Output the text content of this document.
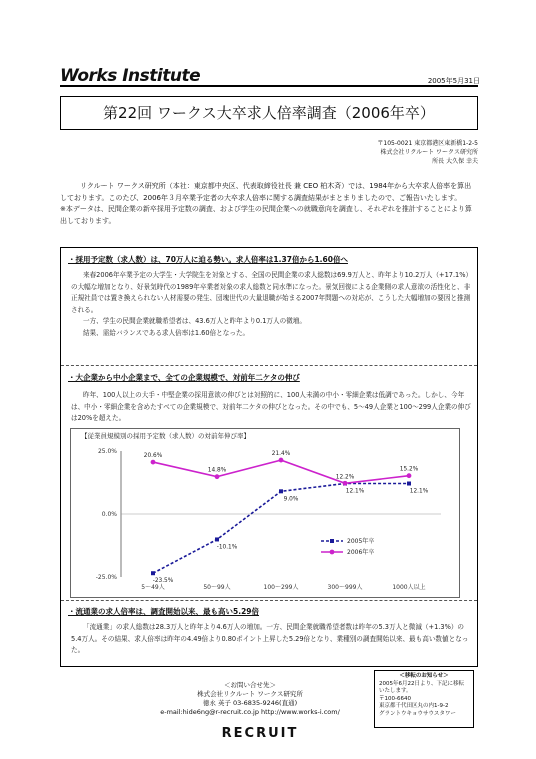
Works Institute	2005年5月31日
第22回 ワークス大卒求人倍率調査（2006年卒）
〒105-0021 東京都港区東新橋1-2-5
株式会社リクルート ワークス研究所
所長 大久保 幸夫

リクルート ワークス研究所（本社：東京都中央区、代表取締役社長 兼 CEO 柏木斉）では、1984年から大卒求人倍率を算出しております。このたび、2006年３月卒業予定者の大卒求人倍率に関する調査結果がまとまりましたので、ご報告いたします。

※本データは、民間企業の新卒採用予定数の調査、および学生の民間企業への就職意向を調査し、それぞれを推計することにより算出しております。

・採用予定数（求人数）は、70万人に迫る勢い。求人倍率は1.37倍から1.60倍へ

来春2006年卒業予定の大学生・大学院生を対象とする、全国の民間企業の求人総数は69.9万人と、昨年より10.2万人（+17.1%）の大幅な増加となり、好景気時代の1989年卒業者対象の求人総数と同水準になった。景気回復による企業側の求人意欲の活性化と、非正規社員では置き換えられない人材需要の発生、団塊世代の大量退職が始まる2007年問題への対応が、こうした大幅増加の要因と推測される。

一方、学生の民間企業就職希望者は、43.6万人と昨年より0.1万人の微増。

結果、需給バランスである求人倍率は1.60倍となった。

・大企業から中小企業まで、全ての企業規模で、対前年二ケタの伸び

昨年、100人以上の大手・中堅企業の採用意欲の伸びとは対照的に、100人未満の中小・零細企業は低調であった。しかし、今年は、中小・零細企業を含めたすべての企業規模で、対前年二ケタの伸びとなった。その中でも、5〜49人企業と100〜299人企業の伸びは20%を超えた。

【従業員規模別の採用予定数（求人数）の対前年伸び率】
25.0%
0.0%
-25.0%
5〜49人	50〜99人	100〜299人	300〜999人	1000人以上
-23.5%
-10.1%
9.0%
12.1%	12.1%
20.6%
14.8%
21.4%
12.2%
15.2%
2005年卒
2006年卒
・流通業の求人倍率は、調査開始以来、最も高い5.29倍

「流通業」の求人総数は28.3万人と昨年より4.6万人の増加。一方、民間企業就職希望者数は昨年の5.3万人と微減（+1.3%）の5.4万人。その結果、求人倍率は昨年の4.49倍より0.80ポイント上昇した5.29倍となり、業種別の調査開始以来、最も高い数値となった。

＜お問い合せ先＞
株式会社リクルート ワークス研究所
徳永 英子 03-6835-9246(直通)
e-mail:hide6ng@r-recruit.co.jp http://www.works-i.com/
RECRUIT
＜移転のお知らせ＞
2005年6月22日より、下記に移転いたします。
〒100-6640
東京都千代田区丸の内1-9-2
グラントウキョウサウスタワー
